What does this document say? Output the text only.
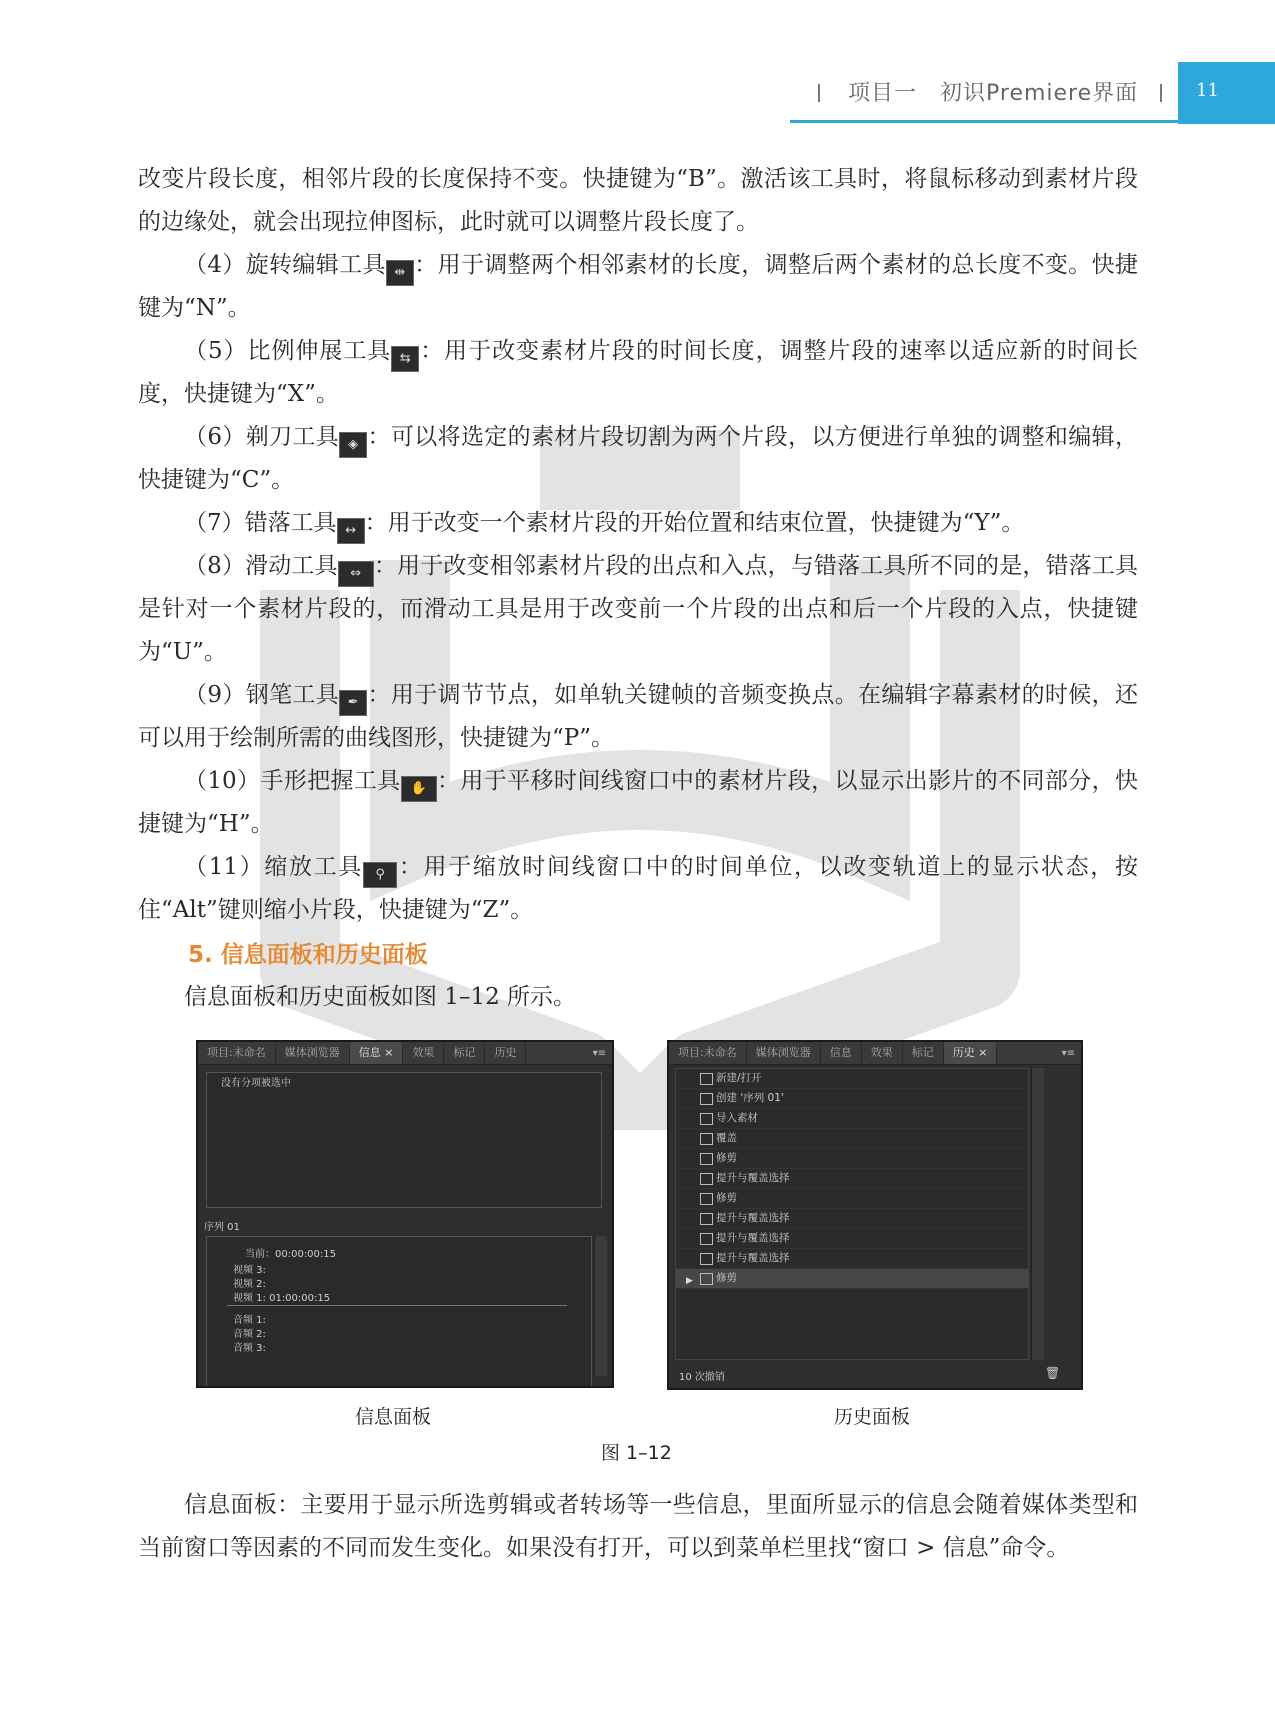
项目一　初识Premiere界面	11

改变片段长度，相邻片段的长度保持不变。快捷键为“B”。激活该工具时，将鼠标移动到素材片段的边缘处，就会出现拉伸图标，此时就可以调整片段长度了。

（4）旋转编辑工具 ⇹ ：用于调整两个相邻素材的长度，调整后两个素材的总长度不变。快捷键为“N”。

（5）比例伸展工具 ⇆ ：用于改变素材片段的时间长度，调整片段的速率以适应新的时间长度，快捷键为“X”。

（6）剃刀工具 ◈ ：可以将选定的素材片段切割为两个片段，以方便进行单独的调整和编辑，快捷键为“C”。

（7）错落工具 ↔ ：用于改变一个素材片段的开始位置和结束位置，快捷键为“Y”。

（8）滑动工具 ⇔ ：用于改变相邻素材片段的出点和入点，与错落工具所不同的是，错落工具是针对一个素材片段的，而滑动工具是用于改变前一个片段的出点和后一个片段的入点，快捷键为“U”。

（9）钢笔工具 ✒ ：用于调节节点，如单轨关键帧的音频变换点。在编辑字幕素材的时候，还可以用于绘制所需的曲线图形，快捷键为“P”。

（10）手形把握工具 ✋ ：用于平移时间线窗口中的素材片段，以显示出影片的不同部分，快捷键为“H”。

（11）缩放工具 ⚲ ：用于缩放时间线窗口中的时间单位，以改变轨道上的显示状态，按住“Alt”键则缩小片段，快捷键为“Z”。

5. 信息面板和历史面板

信息面板和历史面板如图 1–12 所示。

项目:未命名	媒体浏览器	信息 ×	效果	标记	历史	▾≡
没有分项被选中
序列 01
当前：00:00:00:15
视频 3:
视频 2:
视频 1: 01:00:00:15
音频 1:
音频 2:
音频 3:
项目:未命名	媒体浏览器	信息	效果	标记	历史 ×	▾≡
新建/打开
创建 '序列 01'
导入素材
覆盖
修剪
提升与覆盖选择
修剪
提升与覆盖选择
提升与覆盖选择
提升与覆盖选择
▶ 修剪
10 次撤销	🗑
信息面板	历史面板
图 1–12

信息面板：主要用于显示所选剪辑或者转场等一些信息，里面所显示的信息会随着媒体类型和当前窗口等因素的不同而发生变化。如果没有打开，可以到菜单栏里找“窗口 > 信息”命令。
